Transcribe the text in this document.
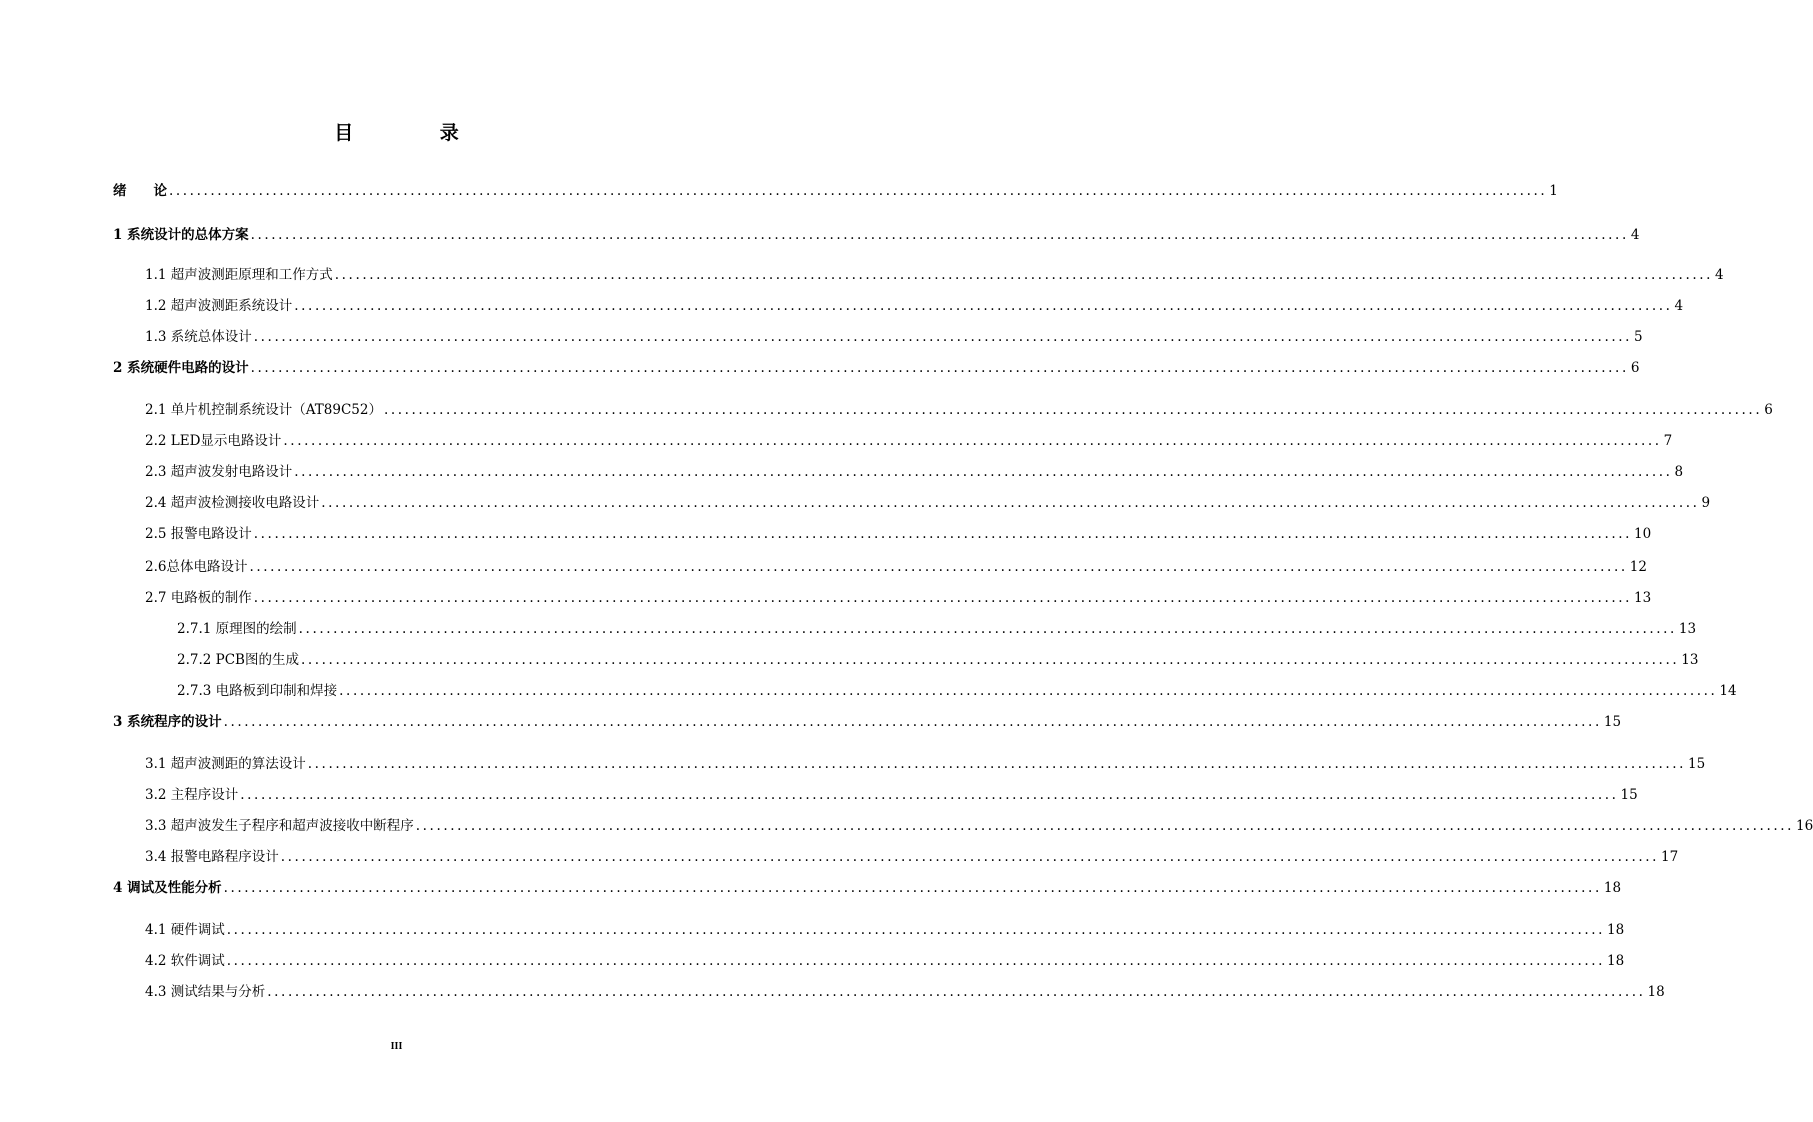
目 录
绪　　论 ........................................................................................................................................................................................................ 1
1 系统设计的总体方案 ........................................................................................................................................................................................................ 4
1.1 超声波测距原理和工作方式 ........................................................................................................................................................................................................ 4
1.2 超声波测距系统设计 ........................................................................................................................................................................................................ 4
1.3 系统总体设计 ........................................................................................................................................................................................................ 5
2 系统硬件电路的设计 ........................................................................................................................................................................................................ 6
2.1 单片机控制系统设计（AT89C52） ........................................................................................................................................................................................................ 6
2.2 LED显示电路设计 ........................................................................................................................................................................................................ 7
2.3 超声波发射电路设计 ........................................................................................................................................................................................................ 8
2.4 超声波检测接收电路设计 ........................................................................................................................................................................................................ 9
2.5 报警电路设计 ........................................................................................................................................................................................................ 10
2.6总体电路设计 ........................................................................................................................................................................................................ 12
2.7 电路板的制作 ........................................................................................................................................................................................................ 13
2.7.1 原理图的绘制 ........................................................................................................................................................................................................ 13
2.7.2 PCB图的生成 ........................................................................................................................................................................................................ 13
2.7.3 电路板到印制和焊接 ........................................................................................................................................................................................................ 14
3 系统程序的设计 ........................................................................................................................................................................................................ 15
3.1 超声波测距的算法设计 ........................................................................................................................................................................................................ 15
3.2 主程序设计 ........................................................................................................................................................................................................ 15
3.3 超声波发生子程序和超声波接收中断程序 ........................................................................................................................................................................................................ 16
3.4 报警电路程序设计 ........................................................................................................................................................................................................ 17
4 调试及性能分析 ........................................................................................................................................................................................................ 18
4.1 硬件调试 ........................................................................................................................................................................................................ 18
4.2 软件调试 ........................................................................................................................................................................................................ 18
4.3 测试结果与分析 ........................................................................................................................................................................................................ 18
III
